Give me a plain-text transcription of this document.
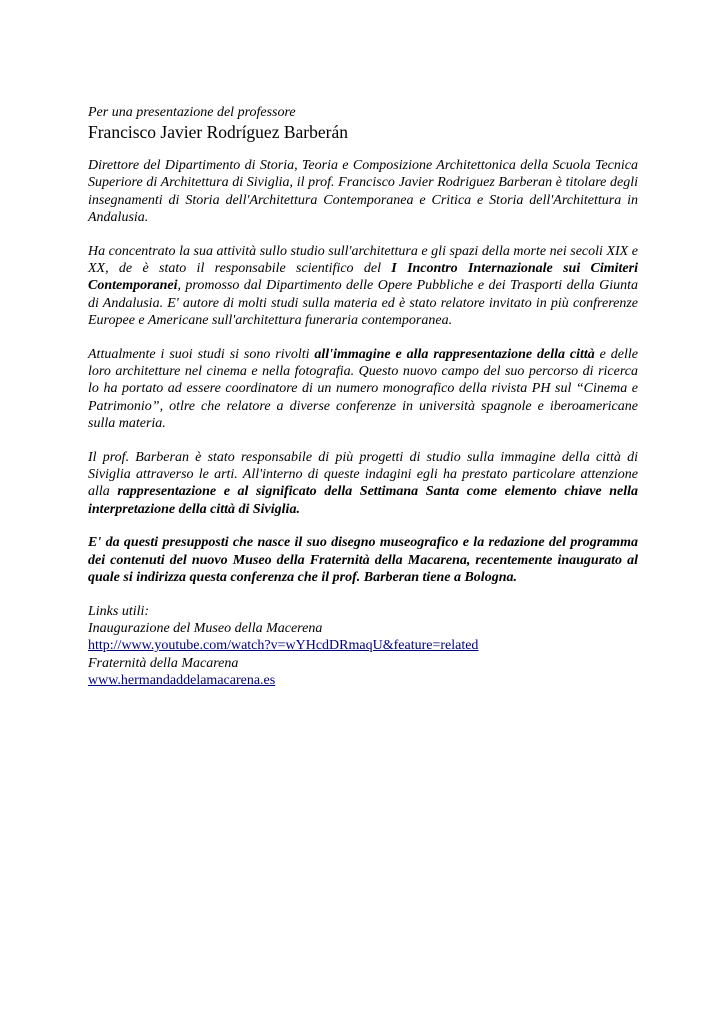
Per una presentazione del professore
Francisco Javier Rodríguez Barberán
Direttore del Dipartimento di Storia, Teoria e Composizione Architettonica della Scuola Tecnica Superiore di Architettura di Siviglia, il prof. Francisco Javier Rodriguez Barberan è titolare degli insegnamenti di Storia dell'Architettura Contemporanea e Critica e Storia dell'Architettura in Andalusia.
Ha concentrato la sua attività sullo studio sull'architettura e gli spazi della morte nei secoli XIX e XX, de è stato il responsabile scientifico del I Incontro Internazionale sui Cimiteri Contemporanei, promosso dal Dipartimento delle Opere Pubbliche e dei Trasporti della Giunta di Andalusia. E' autore di molti studi sulla materia ed è stato relatore invitato in più confrerenze Europee e Americane sull'architettura funeraria contemporanea.
Attualmente i suoi studi si sono rivolti all'immagine e alla rappresentazione della città e delle loro architetture nel cinema e nella fotografia. Questo nuovo campo del suo percorso di ricerca lo ha portato ad essere coordinatore di un numero monografico della rivista PH sul “Cinema e Patrimonio”, otlre che relatore a diverse conferenze in università spagnole e iberoamericane sulla materia.
Il prof. Barberan è stato responsabile di più progetti di studio sulla immagine della città di Siviglia attraverso le arti. All'interno di queste indagini egli ha prestato particolare attenzione alla rappresentazione e al significato della Settimana Santa come elemento chiave nella interpretazione della città di Siviglia.
E' da questi presupposti che nasce il suo disegno museografico e la redazione del programma dei contenuti del nuovo Museo della Fraternità della Macarena, recentemente inaugurato al quale si indirizza questa conferenza che il prof. Barberan tiene a Bologna.
Links utili:
Inaugurazione del Museo della Macerena
http://www.youtube.com/watch?v=wYHcdDRmaqU&feature=related
Fraternità della Macarena
www.hermandaddelamacarena.es
